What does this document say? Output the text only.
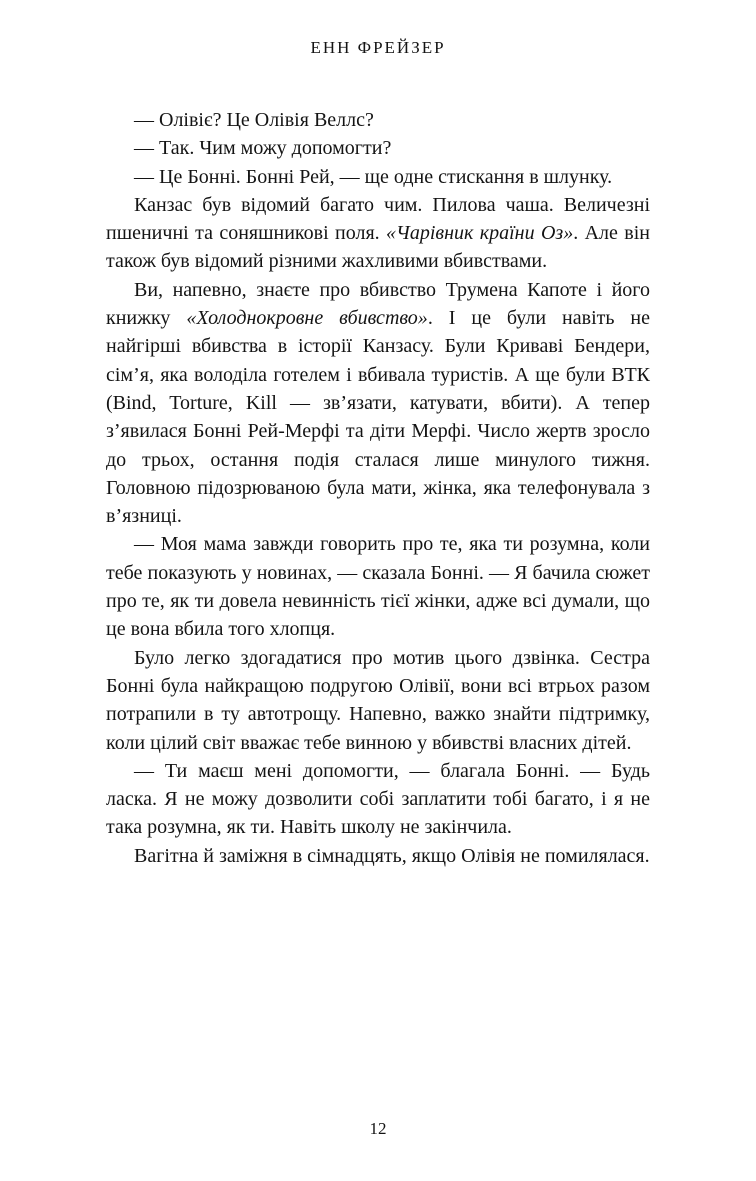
ЕНН ФРЕЙЗЕР

— Олівіє? Це Олівія Веллс?

— Так. Чим можу допомогти?

— Це Бонні. Бонні Рей, — ще одне стискання в шлунку.

Канзас був відомий багато чим. Пилова чаша. Величезні пшеничні та соняшникові поля. «Чарівник країни Оз». Але він також був відомий різними жахливими вбивствами.

Ви, напевно, знаєте про вбивство Трумена Капоте і його книжку «Холоднокровне вбивство». І це були навіть не найгірші вбивства в історії Канзасу. Були Криваві Бендери, сім’я, яка володіла готелем і вбивала туристів. А ще були ВТК (Bind, Torture, Kill — зв’язати, катувати, вбити). А тепер з’явилася Бонні Рей-Мерфі та діти Мерфі. Число жертв зросло до трьох, остання подія сталася лише минулого тижня. Головною підозрюваною була мати, жінка, яка телефонувала з в’язниці.

— Моя мама завжди говорить про те, яка ти розумна, коли тебе показують у новинах, — сказала Бонні. — Я бачила сюжет про те, як ти довела невинність тієї жінки, адже всі думали, що це вона вбила того хлопця.

Було легко здогадатися про мотив цього дзвінка. Сестра Бонні була найкращою подругою Олівії, вони всі втрьох разом потрапили в ту автотрощу. Напевно, важко знайти підтримку, коли цілий світ вважає тебе винною у вбивстві власних дітей.

— Ти маєш мені допомогти, — благала Бонні. — Будь ласка. Я не можу дозволити собі заплатити тобі багато, і я не така розумна, як ти. Навіть школу не закінчила.

Вагітна й заміжня в сімнадцять, якщо Олівія не помилялася.

12
